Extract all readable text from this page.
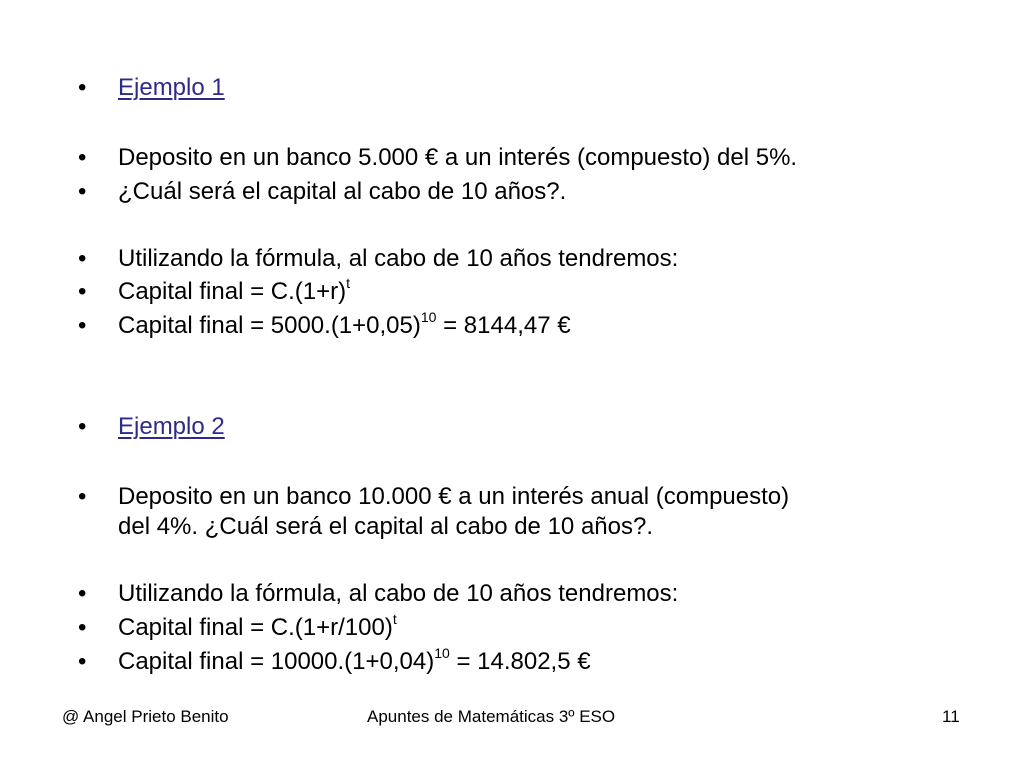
• Ejemplo 1
• Deposito en un banco 5.000 € a un interés (compuesto) del 5%.
• ¿Cuál será el capital al cabo de 10 años?.
• Utilizando la fórmula, al cabo de 10 años tendremos:
• Capital final = $C.(1+r)^t$
• Capital final = $5000.(1+0,05)^{10} = 8144,47$ €
• Ejemplo 2
• Deposito en un banco 10.000 € a un interés anual (compuesto)
del 4%. ¿Cuál será el capital al cabo de 10 años?.
• Utilizando la fórmula, al cabo de 10 años tendremos:
• Capital final = $C.(1+r/100)^t$
• Capital final = $10000.(1+0,04)^{10} = 14.802,5$ €
@ Angel Prieto Benito	Apuntes de Matemáticas 3º ESO	11
